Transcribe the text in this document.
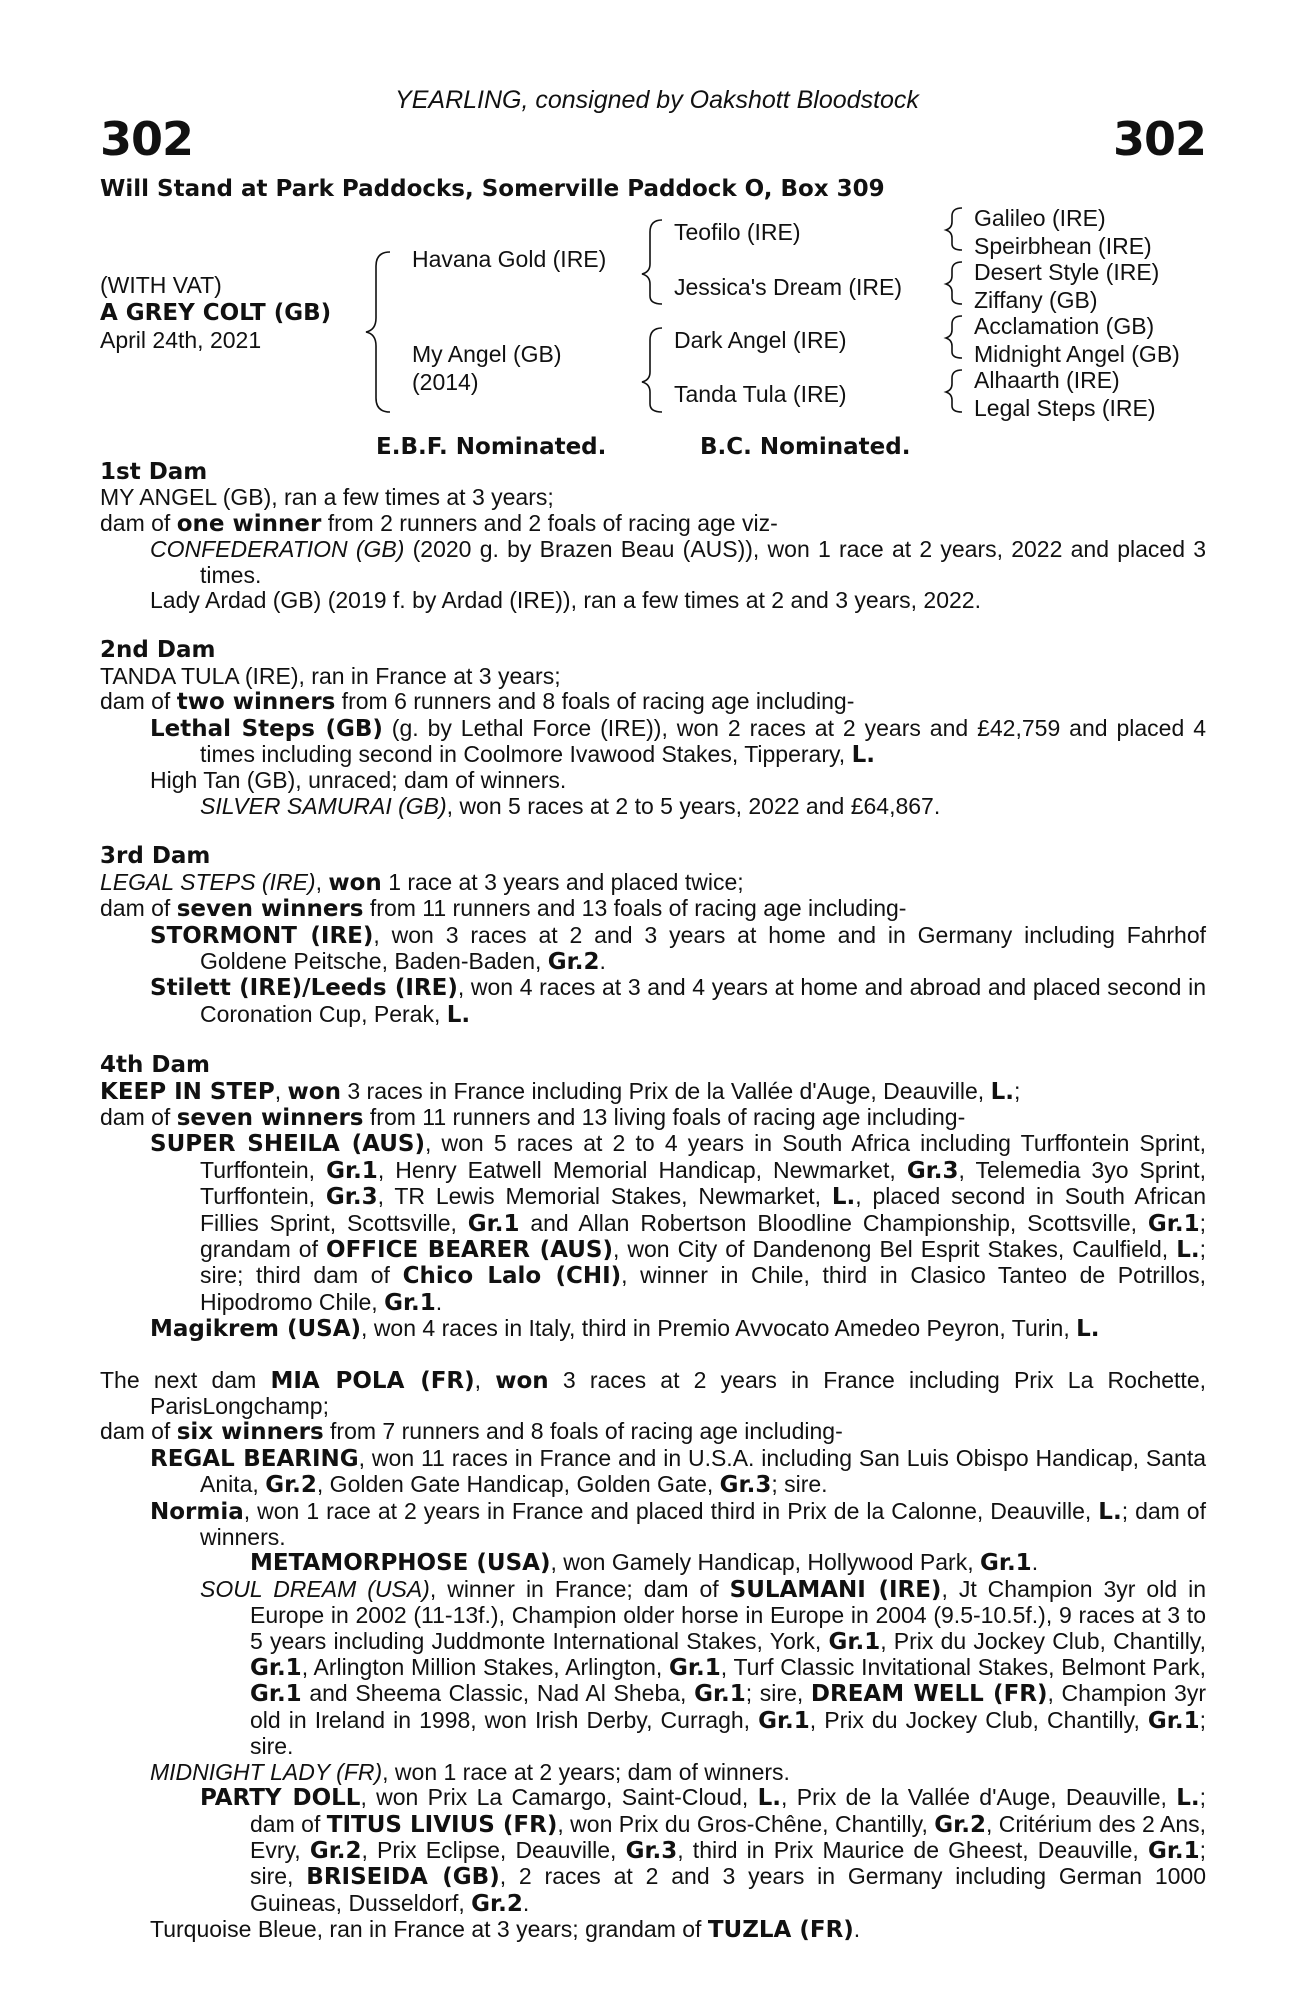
YEARLING, consigned by Oakshott Bloodstock
302	302
Will Stand at Park Paddocks, Somerville Paddock O, Box 309
(WITH VAT)
A GREY COLT (GB)
April 24th, 2021
Havana Gold (IRE)
My Angel (GB)
(2014)
Teofilo (IRE)
Jessica's Dream (IRE)
Dark Angel (IRE)
Tanda Tula (IRE)
Galileo (IRE)
Speirbhean (IRE)
Desert Style (IRE)
Ziffany (GB)
Acclamation (GB)
Midnight Angel (GB)
Alhaarth (IRE)
Legal Steps (IRE)
E.B.F. Nominated.	B.C. Nominated.

1st Dam

MY ANGEL (GB), ran a few times at 3 years;

dam of one winner from 2 runners and 2 foals of racing age viz-

CONFEDERATION (GB) (2020 g. by Brazen Beau (AUS)), won 1 race at 2 years, 2022 and placed 3 times.

Lady Ardad (GB) (2019 f. by Ardad (IRE)), ran a few times at 2 and 3 years, 2022.

2nd Dam

TANDA TULA (IRE), ran in France at 3 years;

dam of two winners from 6 runners and 8 foals of racing age including-

Lethal Steps (GB) (g. by Lethal Force (IRE)), won 2 races at 2 years and £42,759 and placed 4 times including second in Coolmore Ivawood Stakes, Tipperary, L.

High Tan (GB), unraced; dam of winners.

SILVER SAMURAI (GB), won 5 races at 2 to 5 years, 2022 and £64,867.

3rd Dam

LEGAL STEPS (IRE), won 1 race at 3 years and placed twice;

dam of seven winners from 11 runners and 13 foals of racing age including-

STORMONT (IRE), won 3 races at 2 and 3 years at home and in Germany including Fahrhof Goldene Peitsche, Baden-Baden, Gr.2.

Stilett (IRE)/Leeds (IRE), won 4 races at 3 and 4 years at home and abroad and placed second in Coronation Cup, Perak, L.

4th Dam

KEEP IN STEP, won 3 races in France including Prix de la Vallée d'Auge, Deauville, L.;

dam of seven winners from 11 runners and 13 living foals of racing age including-

SUPER SHEILA (AUS), won 5 races at 2 to 4 years in South Africa including Turffontein Sprint, Turffontein, Gr.1, Henry Eatwell Memorial Handicap, Newmarket, Gr.3, Telemedia 3yo Sprint, Turffontein, Gr.3, TR Lewis Memorial Stakes, Newmarket, L., placed second in South African Fillies Sprint, Scottsville, Gr.1 and Allan Robertson Bloodline Championship, Scottsville, Gr.1; grandam of OFFICE BEARER (AUS), won City of Dandenong Bel Esprit Stakes, Caulfield, L.; sire; third dam of Chico Lalo (CHI), winner in Chile, third in Clasico Tanteo de Potrillos, Hipodromo Chile, Gr.1.

Magikrem (USA), won 4 races in Italy, third in Premio Avvocato Amedeo Peyron, Turin, L.

The next dam MIA POLA (FR), won 3 races at 2 years in France including Prix La Rochette, ParisLongchamp;

dam of six winners from 7 runners and 8 foals of racing age including-

REGAL BEARING, won 11 races in France and in U.S.A. including San Luis Obispo Handicap, Santa Anita, Gr.2, Golden Gate Handicap, Golden Gate, Gr.3; sire.

Normia, won 1 race at 2 years in France and placed third in Prix de la Calonne, Deauville, L.; dam of winners.

METAMORPHOSE (USA), won Gamely Handicap, Hollywood Park, Gr.1.

SOUL DREAM (USA), winner in France; dam of SULAMANI (IRE), Jt Champion 3yr old in Europe in 2002 (11-13f.), Champion older horse in Europe in 2004 (9.5-10.5f.), 9 races at 3 to 5 years including Juddmonte International Stakes, York, Gr.1, Prix du Jockey Club, Chantilly, Gr.1, Arlington Million Stakes, Arlington, Gr.1, Turf Classic Invitational Stakes, Belmont Park, Gr.1 and Sheema Classic, Nad Al Sheba, Gr.1; sire, DREAM WELL (FR), Champion 3yr old in Ireland in 1998, won Irish Derby, Curragh, Gr.1, Prix du Jockey Club, Chantilly, Gr.1; sire.

MIDNIGHT LADY (FR), won 1 race at 2 years; dam of winners.

PARTY DOLL, won Prix La Camargo, Saint-Cloud, L., Prix de la Vallée d'Auge, Deauville, L.; dam of TITUS LIVIUS (FR), won Prix du Gros-Chêne, Chantilly, Gr.2, Critérium des 2 Ans, Evry, Gr.2, Prix Eclipse, Deauville, Gr.3, third in Prix Maurice de Gheest, Deauville, Gr.1; sire, BRISEIDA (GB), 2 races at 2 and 3 years in Germany including German 1000 Guineas, Dusseldorf, Gr.2.

Turquoise Bleue, ran in France at 3 years; grandam of TUZLA (FR).
